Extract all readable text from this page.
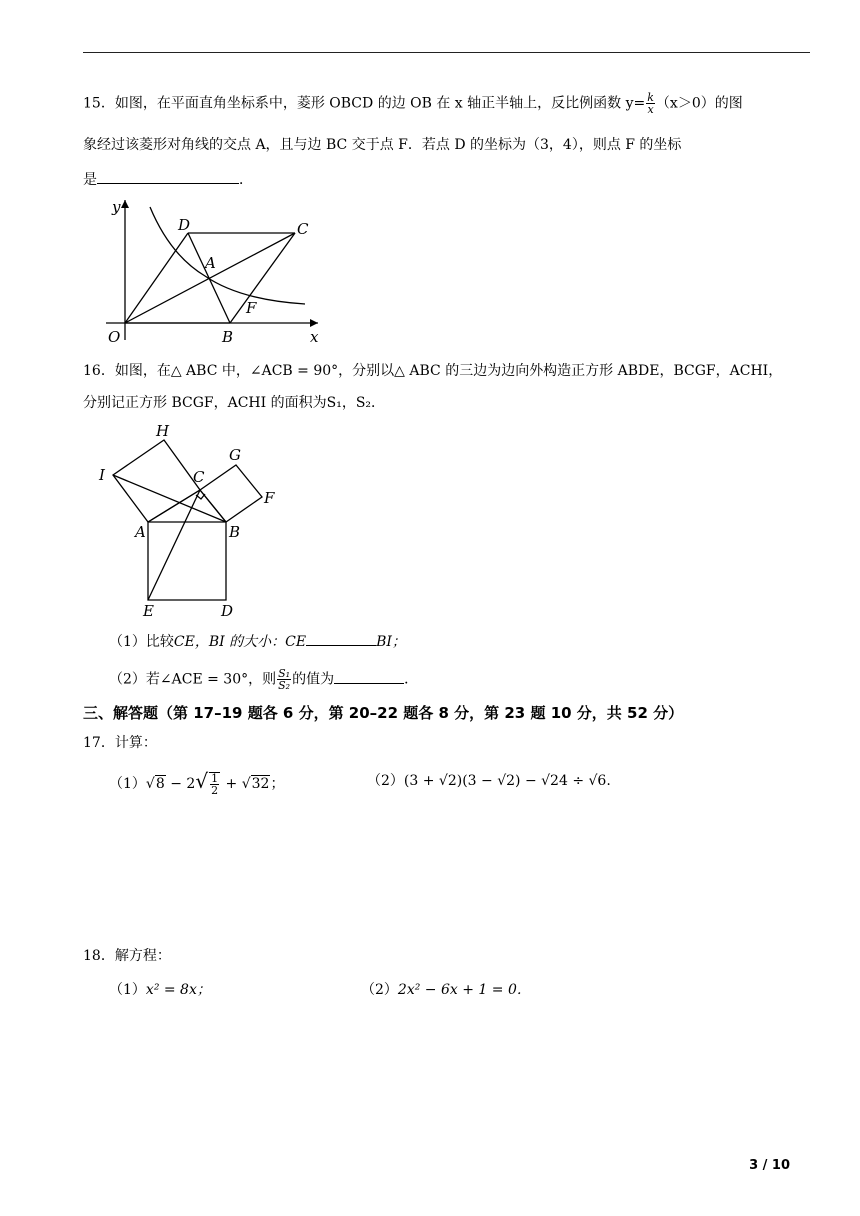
15．如图，在平面直角坐标系中，菱形 OBCD 的边 OB 在 x 轴正半轴上，反比例函数 $y= \frac{k}{x} (x>0)$的图
象经过该菱形对角线的交点 A，且与边 BC 交于点 F．若点 D 的坐标为（3，4），则点 F 的坐标
是	．
y
x
O	B
D	C
A
F
16．如图，在△ ABC 中，∠ACB = 90°，分别以△ ABC 的三边为边向外构造正方形 ABDE，BCGF，ACHI，
分别记正方形 BCGF，ACHI 的面积为S₁，S₂．
H
G
I	C
F
A	B
E	D
（1）比较CE，BI 的大小：CE	BI；
（2）若∠ACE = 30°，则 $\frac{\text{S₁}}{\text{S₂}}$ 的值为	．
三、解答题（第 17–19 题各 6 分，第 20–22 题各 8 分，第 23 题 10 分，共 52 分）
17．计算：
$(1)√8 - 2√ \frac{1}{2} + √32$；	（2）(3 + √2)(3 − √2) − √24 ÷ √6.
18．解方程：
（1）x² = 8x；	（2）2x² − 6x + 1 = 0．
3 / 10
